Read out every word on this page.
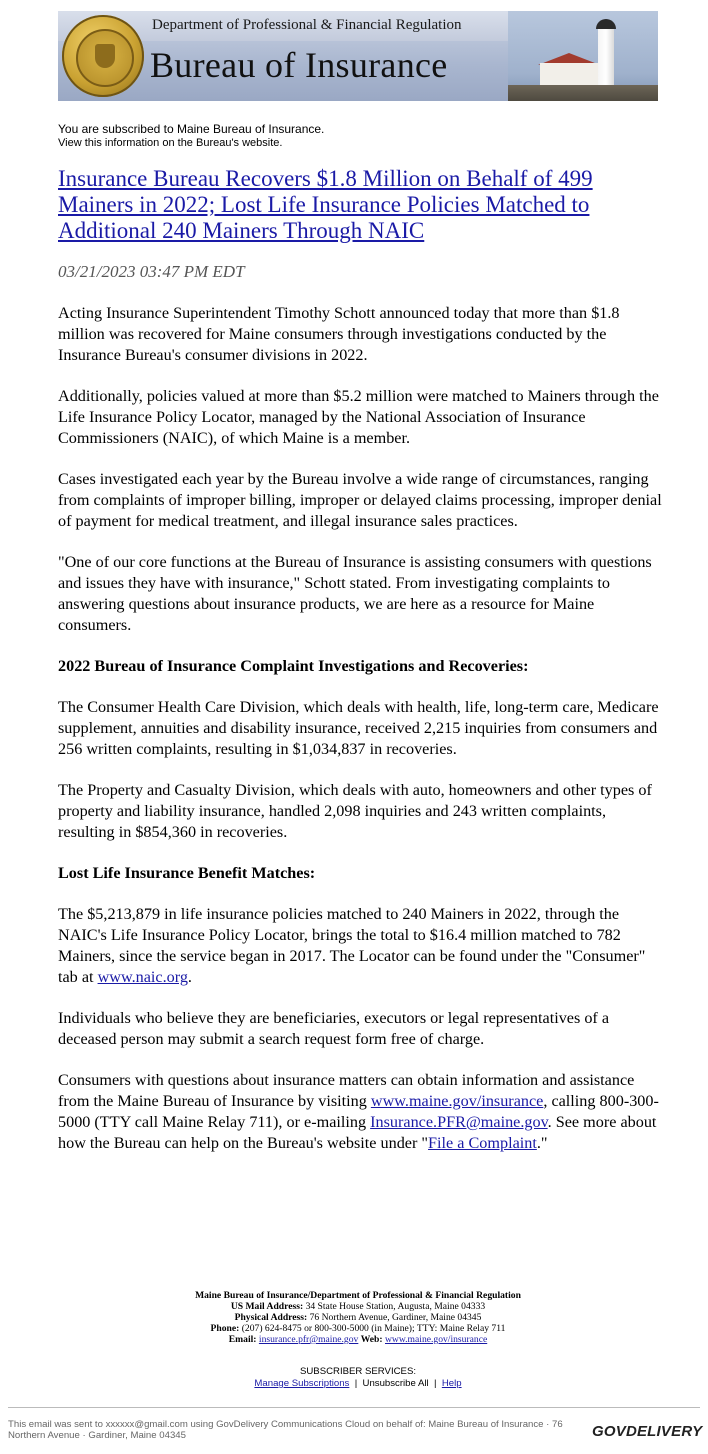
Department of Professional & Financial Regulation
Bureau of Insurance
You are subscribed to Maine Bureau of Insurance.
View this information on the Bureau's website.
Insurance Bureau Recovers $1.8 Million on Behalf of 499 Mainers in 2022; Lost Life Insurance Policies Matched to Additional 240 Mainers Through NAIC
03/21/2023 03:47 PM EDT

Acting Insurance Superintendent Timothy Schott announced today that more than $1.8 million was recovered for Maine consumers through investigations conducted by the Insurance Bureau's consumer divisions in 2022.

Additionally, policies valued at more than $5.2 million were matched to Mainers through the Life Insurance Policy Locator, managed by the National Association of Insurance Commissioners (NAIC), of which Maine is a member.

Cases investigated each year by the Bureau involve a wide range of circumstances, ranging from complaints of improper billing, improper or delayed claims processing, improper denial of payment for medical treatment, and illegal insurance sales practices.

"One of our core functions at the Bureau of Insurance is assisting consumers with questions and issues they have with insurance," Schott stated. From investigating complaints to answering questions about insurance products, we are here as a resource for Maine consumers.

2022 Bureau of Insurance Complaint Investigations and Recoveries:

The Consumer Health Care Division, which deals with health, life, long-term care, Medicare supplement, annuities and disability insurance, received 2,215 inquiries from consumers and 256 written complaints, resulting in $1,034,837 in recoveries.

The Property and Casualty Division, which deals with auto, homeowners and other types of property and liability insurance, handled 2,098 inquiries and 243 written complaints, resulting in $854,360 in recoveries.

Lost Life Insurance Benefit Matches:

The $5,213,879 in life insurance policies matched to 240 Mainers in 2022, through the NAIC's Life Insurance Policy Locator, brings the total to $16.4 million matched to 782 Mainers, since the service began in 2017. The Locator can be found under the "Consumer" tab at www.naic.org.

Individuals who believe they are beneficiaries, executors or legal representatives of a deceased person may submit a search request form free of charge.

Consumers with questions about insurance matters can obtain information and assistance from the Maine Bureau of Insurance by visiting www.maine.gov/insurance, calling 800-300-5000 (TTY call Maine Relay 711), or e-mailing Insurance.PFR@maine.gov. See more about how the Bureau can help on the Bureau's website under "File a Complaint."

Maine Bureau of Insurance/Department of Professional & Financial Regulation
US Mail Address: 34 State House Station, Augusta, Maine 04333
Physical Address: 76 Northern Avenue, Gardiner, Maine 04345
Phone: (207) 624-8475 or 800-300-5000 (in Maine); TTY: Maine Relay 711
Email: insurance.pfr@maine.gov Web: www.maine.gov/insurance
SUBSCRIBER SERVICES:
Manage Subscriptions | Unsubscribe All | Help
This email was sent to xxxxxx@gmail.com using GovDelivery Communications Cloud on behalf of: Maine Bureau of Insurance · 76 Northern Avenue · Gardiner, Maine 04345	GOVDELIVERY
